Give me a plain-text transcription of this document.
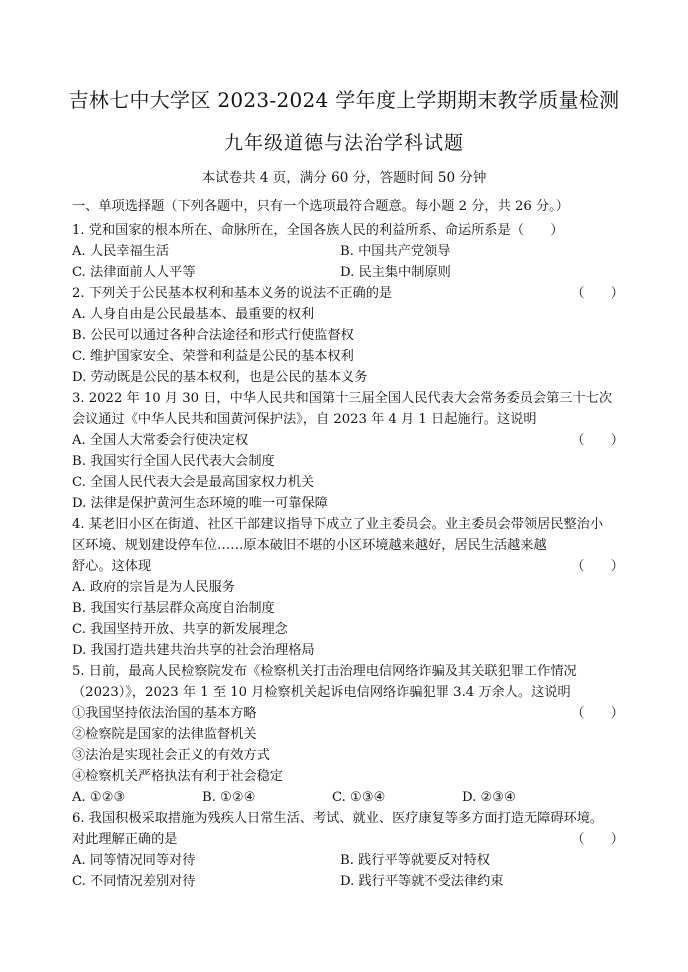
吉林七中大学区 2023-2024 学年度上学期期末教学质量检测
九年级道德与法治学科试题
本试卷共 4 页，满分 60 分，答题时间 50 分钟
一、单项选择题（下列各题中，只有一个选项最符合题意。每小题 2 分，共 26 分。）
1. 党和国家的根本所在、命脉所在，全国各族人民的利益所系、命运所系是（　　）
A. 人民幸福生活	B. 中国共产党领导
C. 法律面前人人平等	D. 民主集中制原则
2. 下列关于公民基本权利和基本义务的说法不正确的是	（　　）
A. 人身自由是公民最基本、最重要的权利
B. 公民可以通过各种合法途径和形式行使监督权
C. 维护国家安全、荣誉和利益是公民的基本权利
D. 劳动既是公民的基本权利，也是公民的基本义务
3. 2022 年 10 月 30 日，中华人民共和国第十三届全国人民代表大会常务委员会第三十七次
会议通过《中华人民共和国黄河保护法》，自 2023 年 4 月 1 日起施行。这说明
A. 全国人大常委会行使决定权	（　　）
B. 我国实行全国人民代表大会制度
C. 全国人民代表大会是最高国家权力机关
D. 法律是保护黄河生态环境的唯一可靠保障
4. 某老旧小区在街道、社区干部建议指导下成立了业主委员会。业主委员会带领居民整治小
区环境、规划建设停车位……原本破旧不堪的小区环境越来越好，居民生活越来越
舒心。这体现	（　　）
A. 政府的宗旨是为人民服务
B. 我国实行基层群众高度自治制度
C. 我国坚持开放、共享的新发展理念
D. 我国打造共建共治共享的社会治理格局
5. 日前，最高人民检察院发布《检察机关打击治理电信网络诈骗及其关联犯罪工作情况
（2023）》，2023 年 1 至 10 月检察机关起诉电信网络诈骗犯罪 3.4 万余人。这说明
①我国坚持依法治国的基本方略	（　　）
②检察院是国家的法律监督机关
③法治是实现社会正义的有效方式
④检察机关严格执法有利于社会稳定
A. ①②③	B. ①②④	C. ①③④	D. ②③④
6. 我国积极采取措施为残疾人日常生活、考试、就业、医疗康复等多方面打造无障碍环境。
对此理解正确的是	（　　）
A. 同等情况同等对待	B. 践行平等就要反对特权
C. 不同情况差别对待	D. 践行平等就不受法律约束
